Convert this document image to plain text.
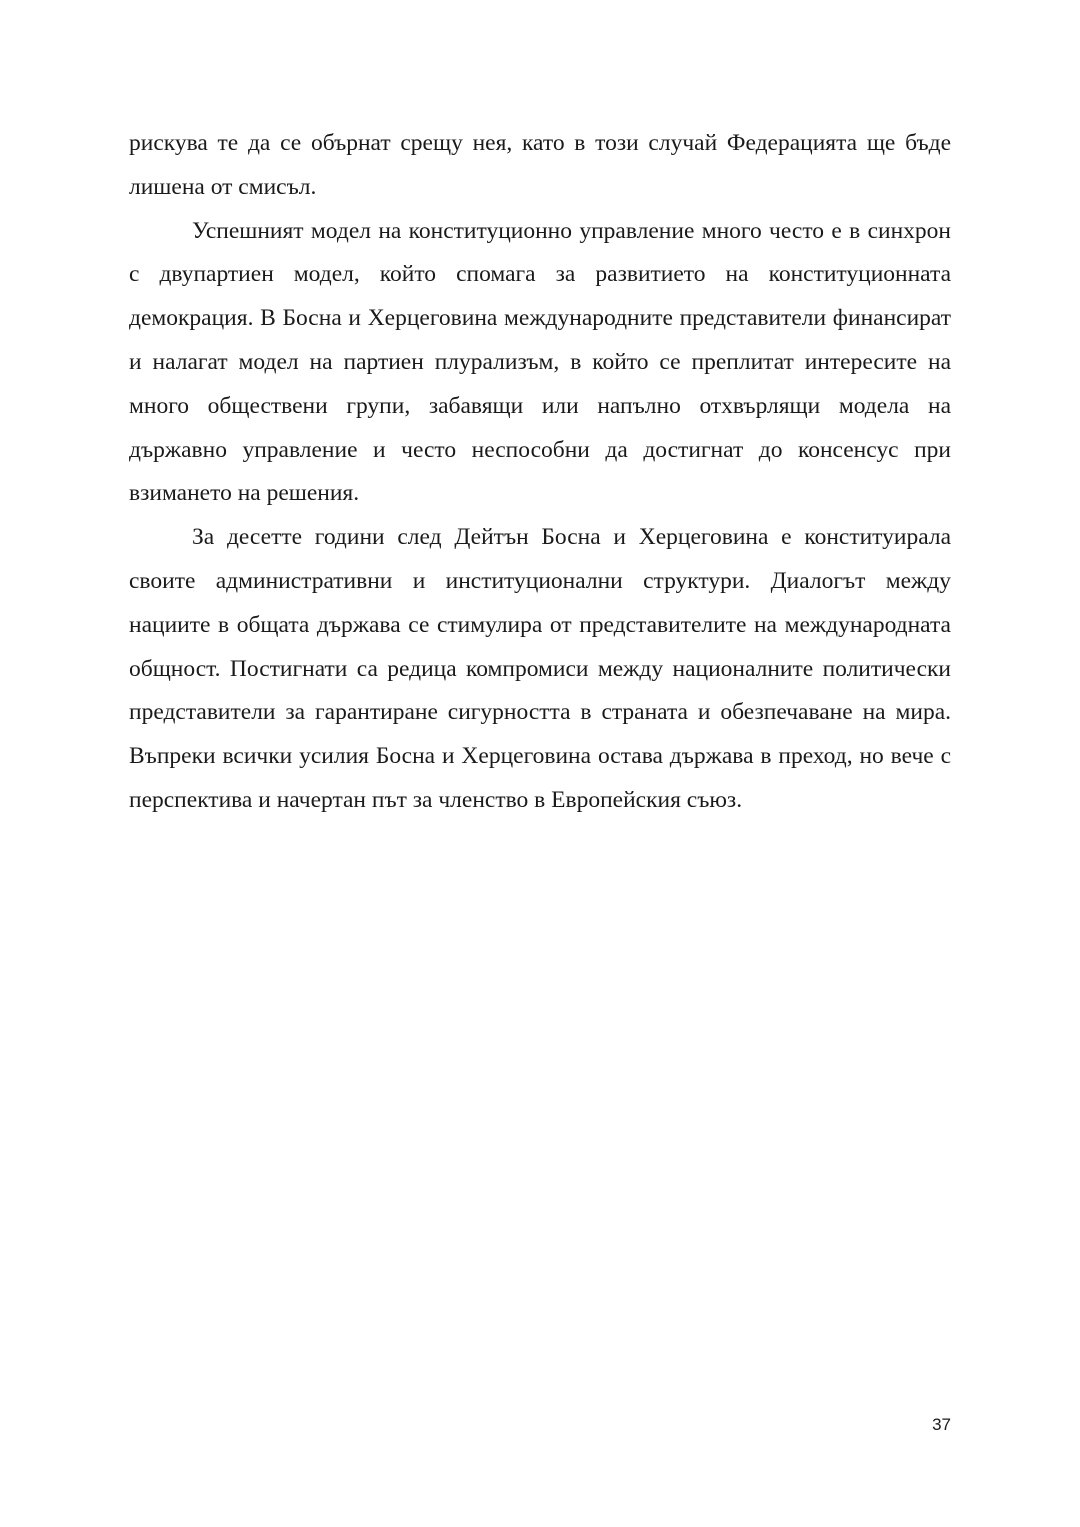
рискува те да се обърнат срещу нея, като в този случай Федерацията ще бъде лишена от смисъл.

Успешният модел на конституционно управление много често е в синхрон с двупартиен модел, който спомага за развитието на конституционната демокрация. В Босна и Херцеговина международните представители финансират и налагат модел на партиен плурализъм, в който се преплитат интересите на много обществени групи, забавящи или напълно отхвърлящи модела на държавно управление и често неспособни да достигнат до консенсус при взимането на решения.

За десетте години след Дейтън Босна и Херцеговина е конституирала своите административни и институционални структури. Диалогът между нациите в общата държава се стимулира от представителите на международната общност. Постигнати са редица компромиси между националните политически представители за гарантиране сигурността в страната и обезпечаване на мира. Въпреки всички усилия Босна и Херцеговина остава държава в преход, но вече с перспектива и начертан път за членство в Европейския съюз.

37
